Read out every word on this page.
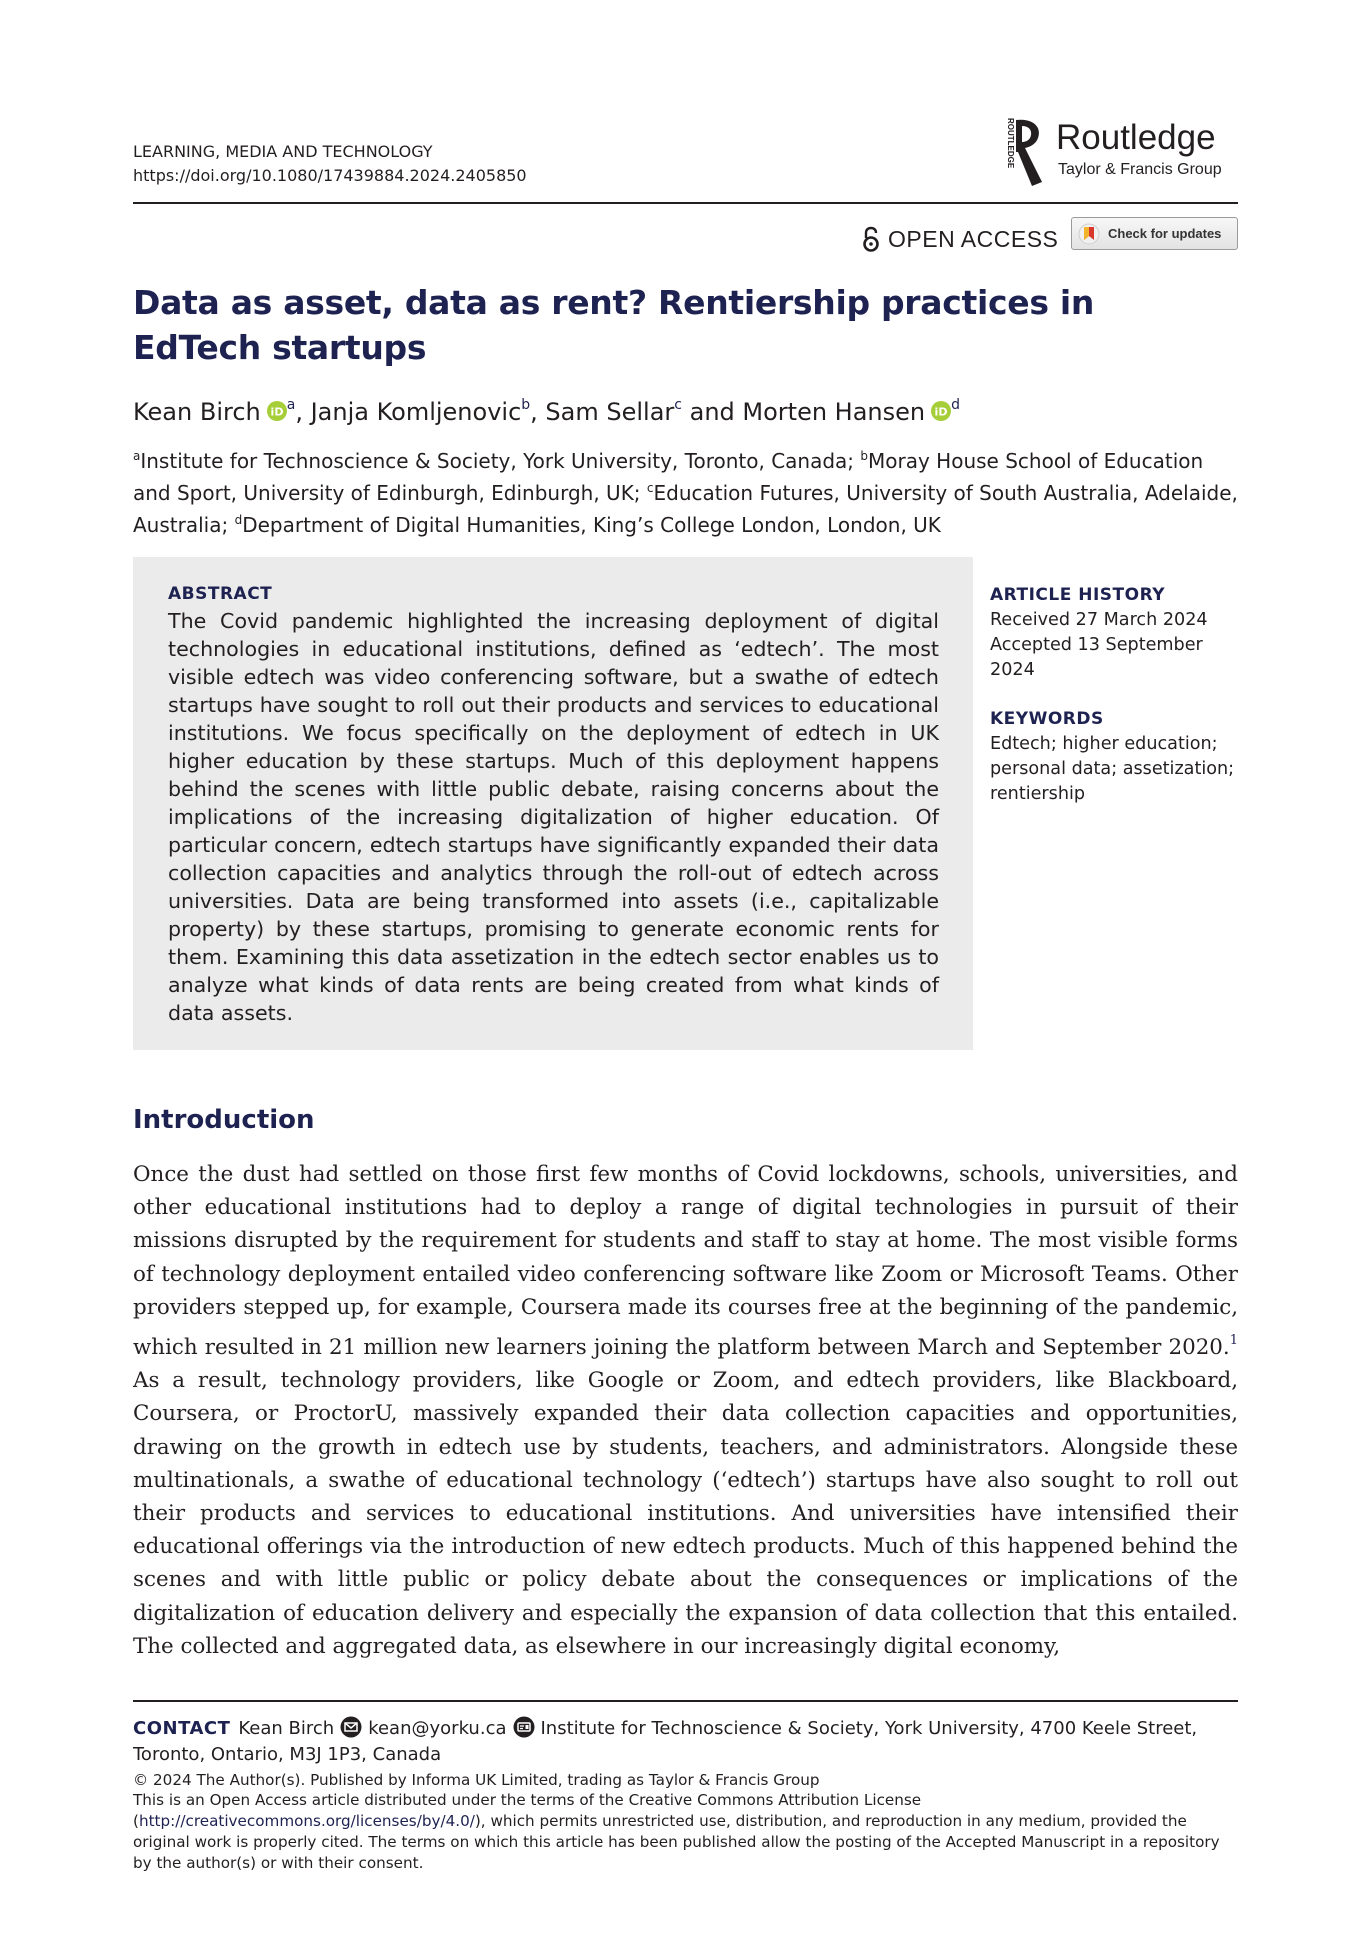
LEARNING, MEDIA AND TECHNOLOGY
https://doi.org/10.1080/17439884.2024.2405850
ROUTLEDGE Routledge
Taylor & Francis Group
OPEN ACCESS	Check for updates
Data as asset, data as rent? Rentiership practices in EdTech startups
Kean Birch iD $^a$, Janja Komljenovic$^b$, Sam Sellar$^c$ and Morten Hansen iD $^d$

$^a$Institute for Technoscience & Society, York University, Toronto, Canada; $^b$Moray House School of Education and Sport, University of Edinburgh, Edinburgh, UK; $^c$Education Futures, University of South Australia, Adelaide, Australia; $^d$Department of Digital Humanities, King’s College London, London, UK

ABSTRACT

The Covid pandemic highlighted the increasing deployment of digital technologies in educational institutions, defined as ‘edtech’. The most visible edtech was video conferencing software, but a swathe of edtech startups have sought to roll out their products and services to educational institutions. We focus specifically on the deployment of edtech in UK higher education by these startups. Much of this deployment happens behind the scenes with little public debate, raising concerns about the implications of the increasing digitalization of higher education. Of particular concern, edtech startups have significantly expanded their data collection capacities and analytics through the roll-out of edtech across universities. Data are being transformed into assets (i.e., capitalizable property) by these startups, promising to generate economic rents for them. Examining this data assetization in the edtech sector enables us to analyze what kinds of data rents are being created from what kinds of data assets.

ARTICLE HISTORY
Received 27 March 2024
Accepted 13 September 2024
KEYWORDS
Edtech; higher education; personal data; assetization; rentiership
Introduction

Once the dust had settled on those first few months of Covid lockdowns, schools, universities, and other educational institutions had to deploy a range of digital technologies in pursuit of their missions disrupted by the requirement for students and staff to stay at home. The most visible forms of technology deployment entailed video conferencing software like Zoom or Microsoft Teams. Other providers stepped up, for example, Coursera made its courses free at the beginning of the pandemic, which resulted in 21 million new learners joining the platform between March and September 2020.$^1$ As a result, technology providers, like Google or Zoom, and edtech providers, like Blackboard, Coursera, or ProctorU, massively expanded their data collection capacities and opportunities, drawing on the growth in edtech use by students, teachers, and administrators. Alongside these multinationals, a swathe of educational technology (‘edtech’) startups have also sought to roll out their products and services to educational institutions. And universities have intensified their educational offerings via the introduction of new edtech products. Much of this happened behind the scenes and with little public or policy debate about the consequences or implications of the digitalization of education delivery and especially the expansion of data collection that this entailed. The collected and aggregated data, as elsewhere in our increasingly digital economy,

CONTACT Kean Birch kean@yorku.ca Institute for Technoscience & Society, York University, 4700 Keele Street, Toronto, Ontario, M3J 1P3, Canada

© 2024 The Author(s). Published by Informa UK Limited, trading as Taylor & Francis Group

This is an Open Access article distributed under the terms of the Creative Commons Attribution License (http://creativecommons.org/licenses/by/4.0/), which permits unrestricted use, distribution, and reproduction in any medium, provided the original work is properly cited. The terms on which this article has been published allow the posting of the Accepted Manuscript in a repository by the author(s) or with their consent.
